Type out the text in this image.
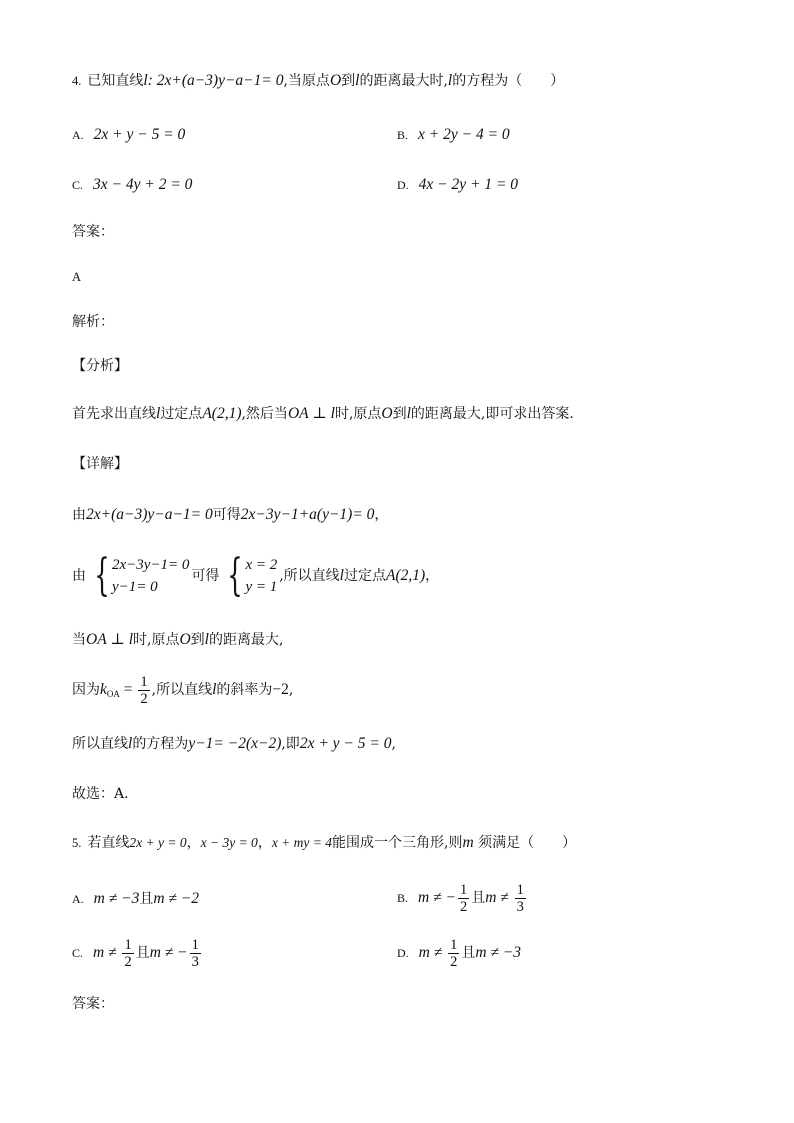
4. 已知直线l: 2x+(a−3)y−a−1= 0,当原点O到l的距离最大时,l的方程为（　　）
A. 2x + y − 5 = 0	B. x + 2y − 4 = 0
C. 3x − 4y + 2 = 0	D. 4x − 2y + 1 = 0
答案：
A
解析：
【分析】
首先求出直线l过定点A(2,1),然后当OA ⊥ l时,原点O到l的距离最大,即可求出答案.
【详解】
由2x+(a−3)y−a−1= 0可得2x−3y−1+a(y−1)= 0，
由 { 2x−3y−1= 0
y−1= 0
可得 { x = 2
y = 1
,所以直线l过定点A(2,1)，
当OA ⊥ l时,原点O到l的距离最大,
因为$k_{OA} = \frac{1}{2}$ ,所以直线l的斜率为−2,
所以直线l的方程为y−1= −2(x−2),即2x + y − 5 = 0,
故选：A.
5. 若直线2x + y = 0，x − 3y = 0，x + my = 4能围成一个三角形,则m 须满足（　　）
A. m ≠ −3且m ≠ −2	B. m ≠ − $\frac{1}{2}$ 且$m \ne \frac{1}{3}$
C. $m \ne \frac{1}{2}$ 且m ≠ − $\frac{1}{3}$	D. $m \ne \frac{1}{2}$ 且m ≠ −3
答案：
